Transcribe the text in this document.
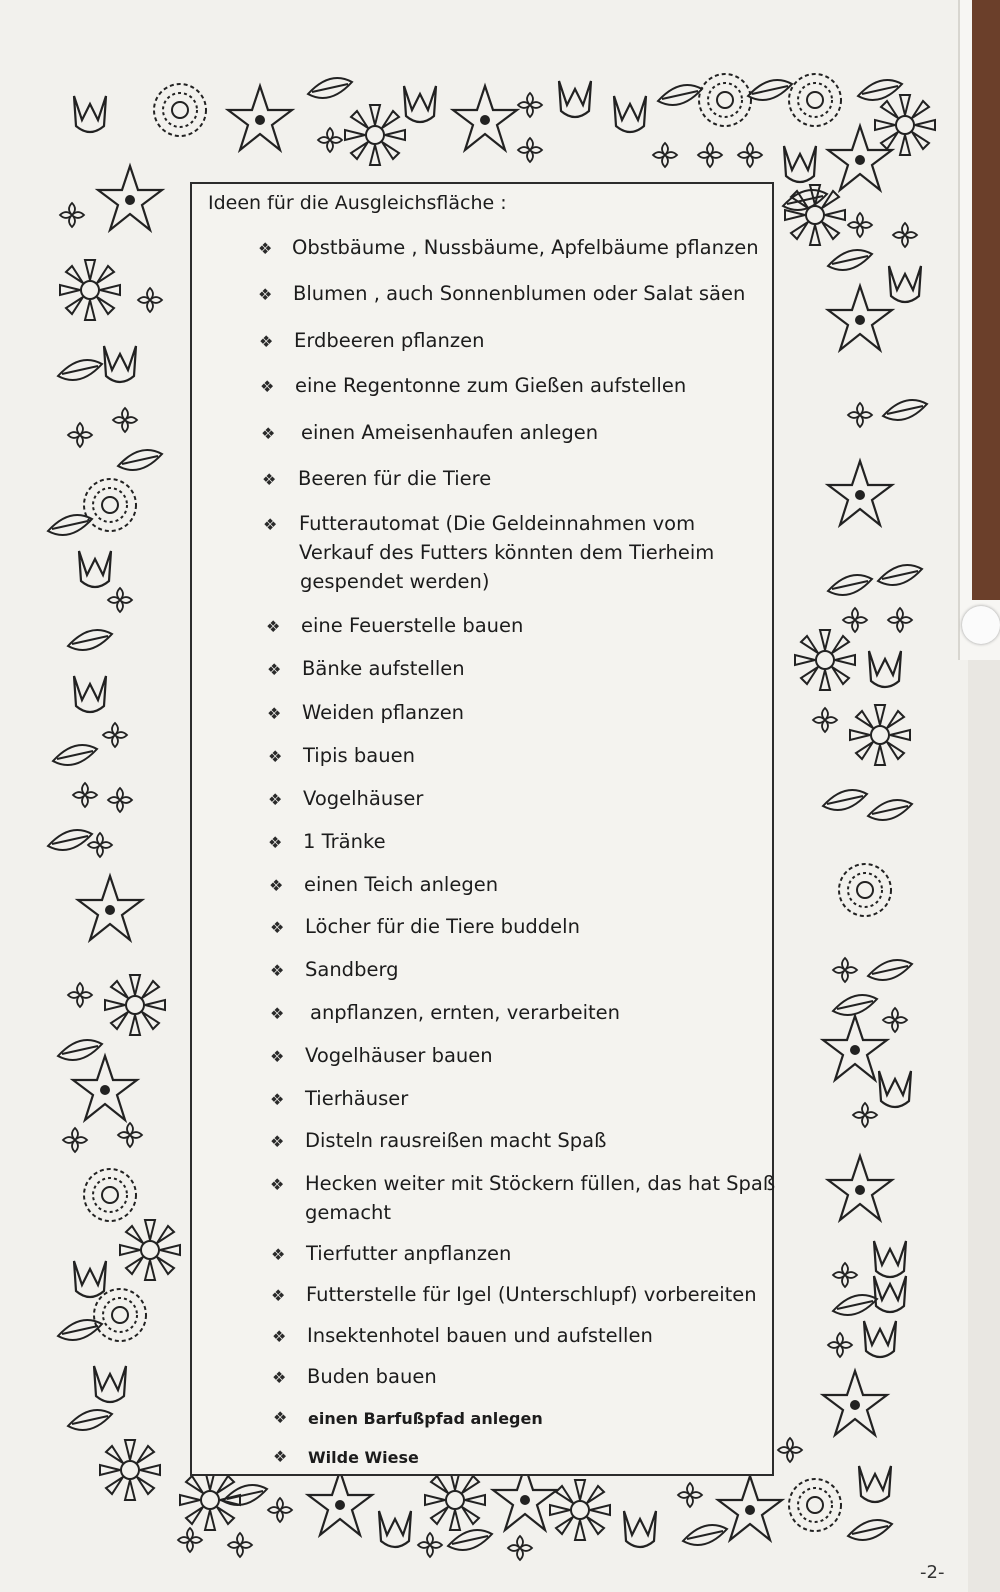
Ideen für die Ausgleichsfläche :
❖
❖
❖
❖
❖
❖
❖
❖
❖
❖
❖
❖
❖
❖
❖
❖
❖
❖
❖
❖
❖
❖
❖
❖
❖
❖
❖
Obstbäume , Nussbäume, Apfelbäume pflanzen
Blumen , auch Sonnenblumen oder Salat säen
Erdbeeren pflanzen
eine Regentonne zum Gießen aufstellen
einen Ameisenhaufen anlegen
Beeren für die Tiere
Futterautomat (Die Geldeinnahmen vom
Verkauf des Futters könnten dem Tierheim
gespendet werden)
eine Feuerstelle bauen
Bänke aufstellen
Weiden pflanzen
Tipis bauen
Vogelhäuser
1 Tränke
einen Teich anlegen
Löcher für die Tiere buddeln
Sandberg
anpflanzen, ernten, verarbeiten
Vogelhäuser bauen
Tierhäuser
Disteln rausreißen macht Spaß
Hecken weiter mit Stöckern füllen, das hat Spaß
gemacht
Tierfutter anpflanzen
Futterstelle für Igel (Unterschlupf) vorbereiten
Insektenhotel bauen und aufstellen
Buden bauen
einen Barfußpfad anlegen
Wilde Wiese
-2-
